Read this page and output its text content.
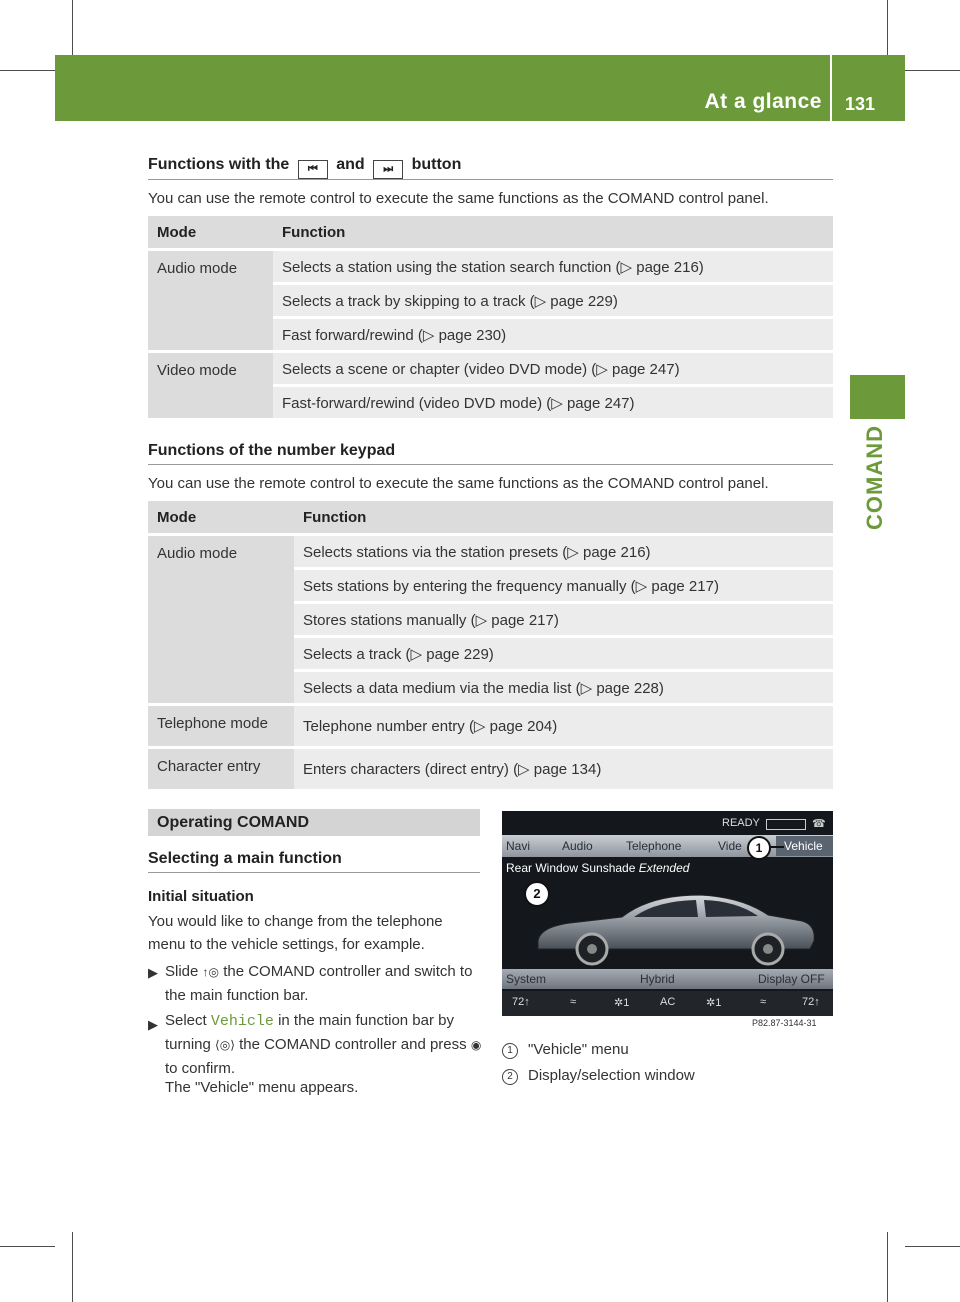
At a glance 131
COMAND
Functions with the ⏮ and ⏭ button
You can use the remote control to execute the same functions as the COMAND control panel.
Mode	Function
Audio mode	Selects a station using the station search function (▷ page 216)
	Selects a track by skipping to a track (▷ page 229)
	Fast forward/rewind (▷ page 230)
Video mode	Selects a scene or chapter (video DVD mode) (▷ page 247)
	Fast-forward/rewind (video DVD mode) (▷ page 247)
Functions of the number keypad
You can use the remote control to execute the same functions as the COMAND control panel.
Mode	Function
Audio mode	Selects stations via the station presets (▷ page 216)
	Sets stations by entering the frequency manually (▷ page 217)
	Stores stations manually (▷ page 217)
	Selects a track (▷ page 229)
	Selects a data medium via the media list (▷ page 228)
Telephone mode	Telephone number entry (▷ page 204)
Character entry	Enters characters (direct entry) (▷ page 134)
Operating COMAND
Selecting a main function
Initial situation
You would like to change from the telephone menu to the vehicle settings, for example.
▶ Slide ↑◎ the COMAND controller and switch to the main function bar.
▶ Select Vehicle in the main function bar by turning ⟨◎⟩ the COMAND controller and press ◉ to confirm.
The "Vehicle" menu appears.
READY	☎
Navi	Audio	Telephone	Vide	Vehicle
1
Rear Window Sunshade Extended
2
System	Hybrid	Display OFF
72↑	≈	✲1	AC	✲1	≈	72↑
P82.87-3144-31
1 "Vehicle" menu
2 Display/selection window
